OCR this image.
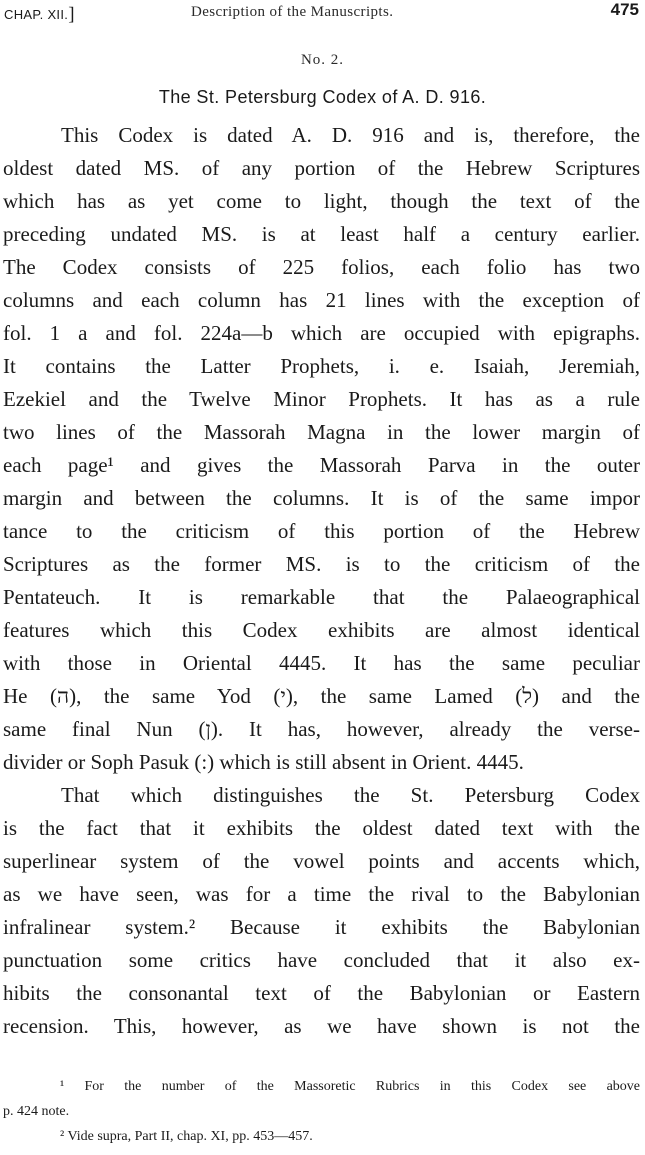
CHAP. XII.]	Description of the Manuscripts.	475
No. 2.
The St. Petersburg Codex of A. D. 916.
This Codex is dated A. D. 916 and is, therefore, the
oldest dated MS. of any portion of the Hebrew Scriptures
which has as yet come to light, though the text of the
preceding undated MS. is at least half a century earlier.
The Codex consists of 225 folios, each folio has two
columns and each column has 21 lines with the exception of
fol. 1 a and fol. 224a—b which are occupied with epigraphs.
It contains the Latter Prophets, i. e. Isaiah, Jeremiah,
Ezekiel and the Twelve Minor Prophets. It has as a rule
two lines of the Massorah Magna in the lower margin of
each page¹ and gives the Massorah Parva in the outer
margin and between the columns. It is of the same impor
tance to the criticism of this portion of the Hebrew
Scriptures as the former MS. is to the criticism of the
Pentateuch. It is remarkable that the Palaeographical
features which this Codex exhibits are almost identical
with those in Oriental 4445. It has the same peculiar
He (ה), the same Yod (י), the same Lamed (ל) and the
same final Nun (ן). It has, however, already the verse-
divider or Soph Pasuk (:) which is still absent in Orient. 4445.
That which distinguishes the St. Petersburg Codex
is the fact that it exhibits the oldest dated text with the
superlinear system of the vowel points and accents which,
as we have seen, was for a time the rival to the Babylonian
infralinear system.² Because it exhibits the Babylonian
punctuation some critics have concluded that it also ex-
hibits the consonantal text of the Babylonian or Eastern
recension. This, however, as we have shown is not the
¹ For the number of the Massoretic Rubrics in this Codex see above
p. 424 note.
² Vide supra, Part II, chap. XI, pp. 453—457.
